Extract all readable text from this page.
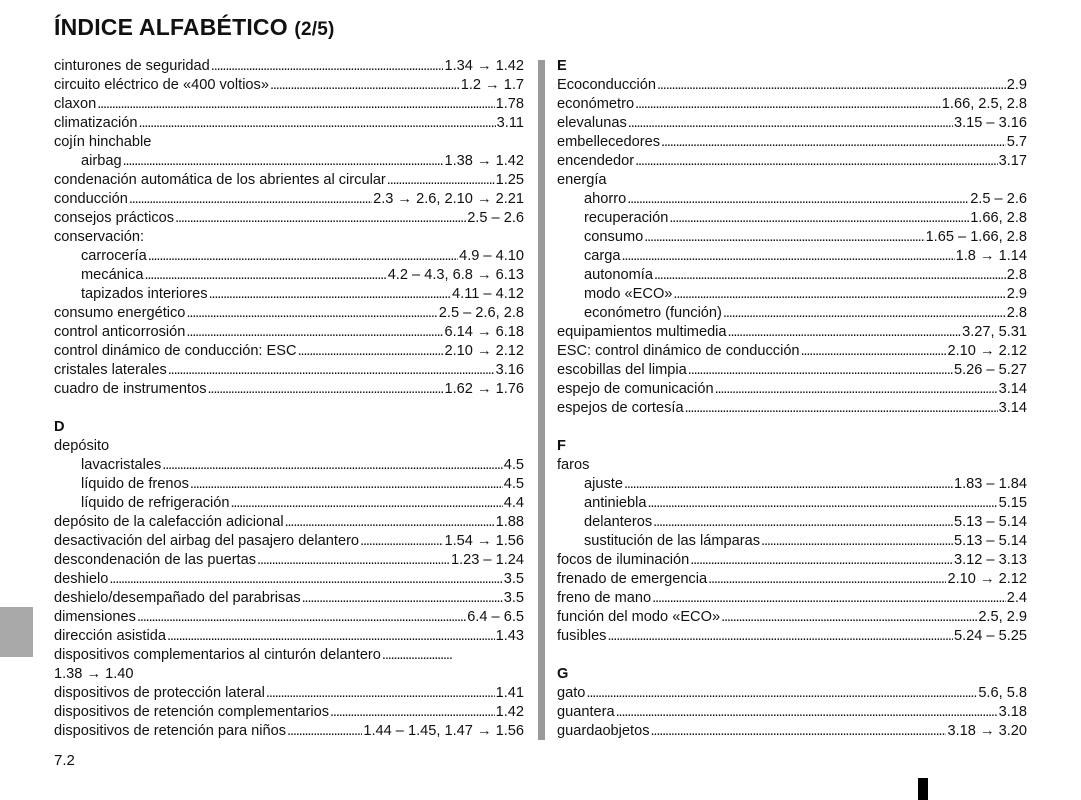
ÍNDICE ALFABÉTICO (2/5)
cinturones de seguridad . . .	1.34 → 1.42
circuito eléctrico de «400 voltios» . . .	1.2 → 1.7
claxon . . .	1.78
climatización . . .	3.11
cojín hinchable
airbag . . .	1.38 → 1.42
condenación automática de los abrientes al circular . . .	1.25
conducción . . .	2.3 → 2.6, 2.10 → 2.21
consejos prácticos . . .	2.5 – 2.6
conservación:
carrocería . . .	4.9 – 4.10
mecánica . . .	4.2 – 4.3, 6.8 → 6.13
tapizados interiores . . .	4.11 – 4.12
consumo energético . . .	2.5 – 2.6, 2.8
control anticorrosión . . .	6.14 → 6.18
control dinámico de conducción: ESC . . .	2.10 → 2.12
cristales laterales . . .	3.16
cuadro de instrumentos . . .	1.62 → 1.76
D
depósito
lavacristales . . .	4.5
líquido de frenos . . .	4.5
líquido de refrigeración . . .	4.4
depósito de la calefacción adicional . . .	1.88
desactivación del airbag del pasajero delantero . . .	1.54 → 1.56
descondenación de las puertas . . .	1.23 – 1.24
deshielo . . .	3.5
deshielo/desempañado del parabrisas . . .	3.5
dimensiones . . .	6.4 – 6.5
dirección asistida . . .	1.43
dispositivos complementarios al cinturón delantero
. . .
1.38 → 1.40
dispositivos de protección lateral . . .	1.41
dispositivos de retención complementarios . . .	1.42
dispositivos de retención para niños . . .	1.44 – 1.45, 1.47 → 1.56
E
Ecoconducción . . .	2.9
económetro . . .	1.66, 2.5, 2.8
elevalunas . . .	3.15 – 3.16
embellecedores . . .	5.7
encendedor . . .	3.17
energía
ahorro . . .	2.5 – 2.6
recuperación . . .	1.66, 2.8
consumo . . .	1.65 – 1.66, 2.8
carga . . .	1.8 → 1.14
autonomía . . .	2.8
modo «ECO» . . .	2.9
económetro (función) . . .	2.8
equipamientos multimedia . . .	3.27, 5.31
ESC: control dinámico de conducción . . .	2.10 → 2.12
escobillas del limpia . . .	5.26 – 5.27
espejo de comunicación . . .	3.14
espejos de cortesía . . .	3.14
F
faros
ajuste . . .	1.83 – 1.84
antiniebla . . .	5.15
delanteros . . .	5.13 – 5.14
sustitución de las lámparas . . .	5.13 – 5.14
focos de iluminación . . .	3.12 – 3.13
frenado de emergencia . . .	2.10 → 2.12
freno de mano . . .	2.4
función del modo «ECO» . . .	2.5, 2.9
fusibles . . .	5.24 – 5.25
G
gato . . .	5.6, 5.8
guantera . . .	3.18
guardaobjetos . . .	3.18 → 3.20
7.2
